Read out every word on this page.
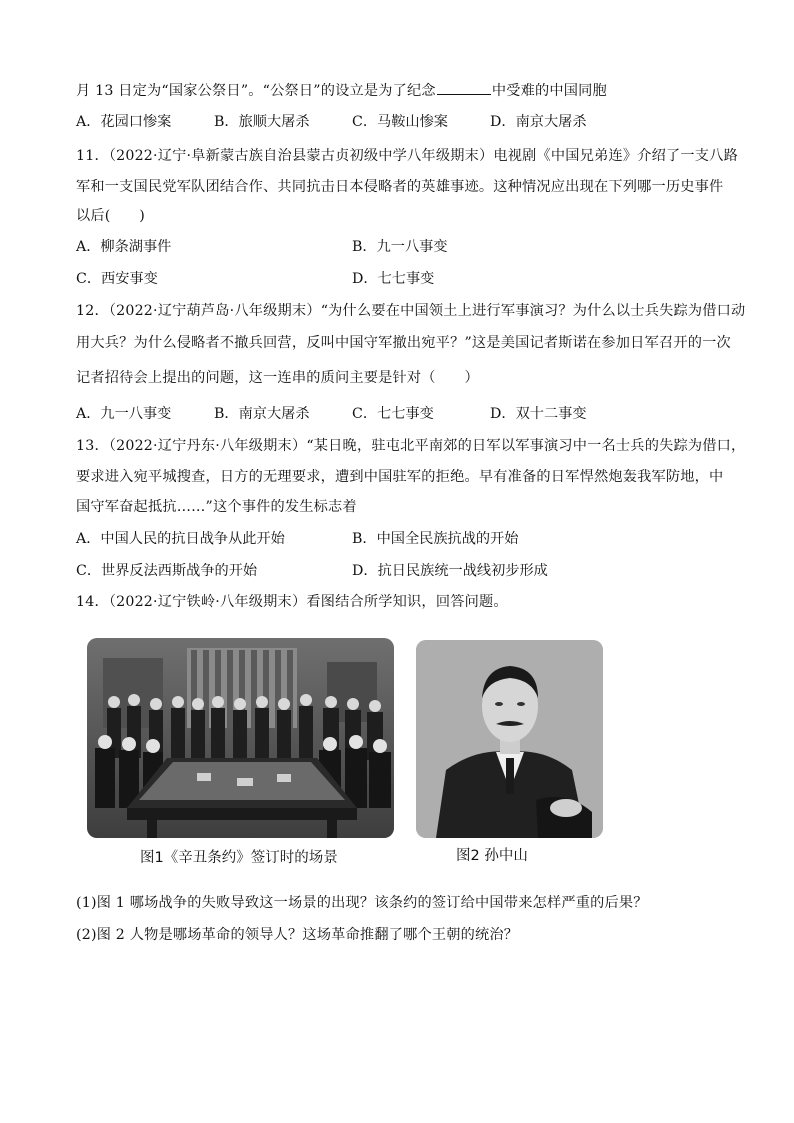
月 13 日定为“国家公祭日”。“公祭日”的设立是为了纪念	中受难的中国同胞
A．花园口惨案	B．旅顺大屠杀	C．马鞍山惨案	D．南京大屠杀
11．（2022·辽宁·阜新蒙古族自治县蒙古贞初级中学八年级期末）电视剧《中国兄弟连》介绍了一支八路
军和一支国民党军队团结合作、共同抗击日本侵略者的英雄事迹。这种情况应出现在下列哪一历史事件
以后(　　)
A．柳条湖事件	B．九一八事变
C．西安事变	D．七七事变
12．（2022·辽宁葫芦岛·八年级期末）“为什么要在中国领土上进行军事演习？为什么以士兵失踪为借口动
用大兵？为什么侵略者不撤兵回营，反叫中国守军撤出宛平？”这是美国记者斯诺在参加日军召开的一次
记者招待会上提出的问题，这一连串的质问主要是针对（　　）
A．九一八事变	B．南京大屠杀	C．七七事变	D．双十二事变
13．（2022·辽宁丹东·八年级期末）“某日晚，驻屯北平南郊的日军以军事演习中一名士兵的失踪为借口，
要求进入宛平城搜查，日方的无理要求，遭到中国驻军的拒绝。早有准备的日军悍然炮轰我军防地，中
国守军奋起抵抗……”这个事件的发生标志着
A．中国人民的抗日战争从此开始	B．中国全民族抗战的开始
C．世界反法西斯战争的开始	D．抗日民族统一战线初步形成
14．（2022·辽宁铁岭·八年级期末）看图结合所学知识，回答问题。
图1《辛丑条约》签订时的场景	图2 孙中山
(1)图 1 哪场战争的失败导致这一场景的出现？该条约的签订给中国带来怎样严重的后果？
(2)图 2 人物是哪场革命的领导人？这场革命推翻了哪个王朝的统治？
